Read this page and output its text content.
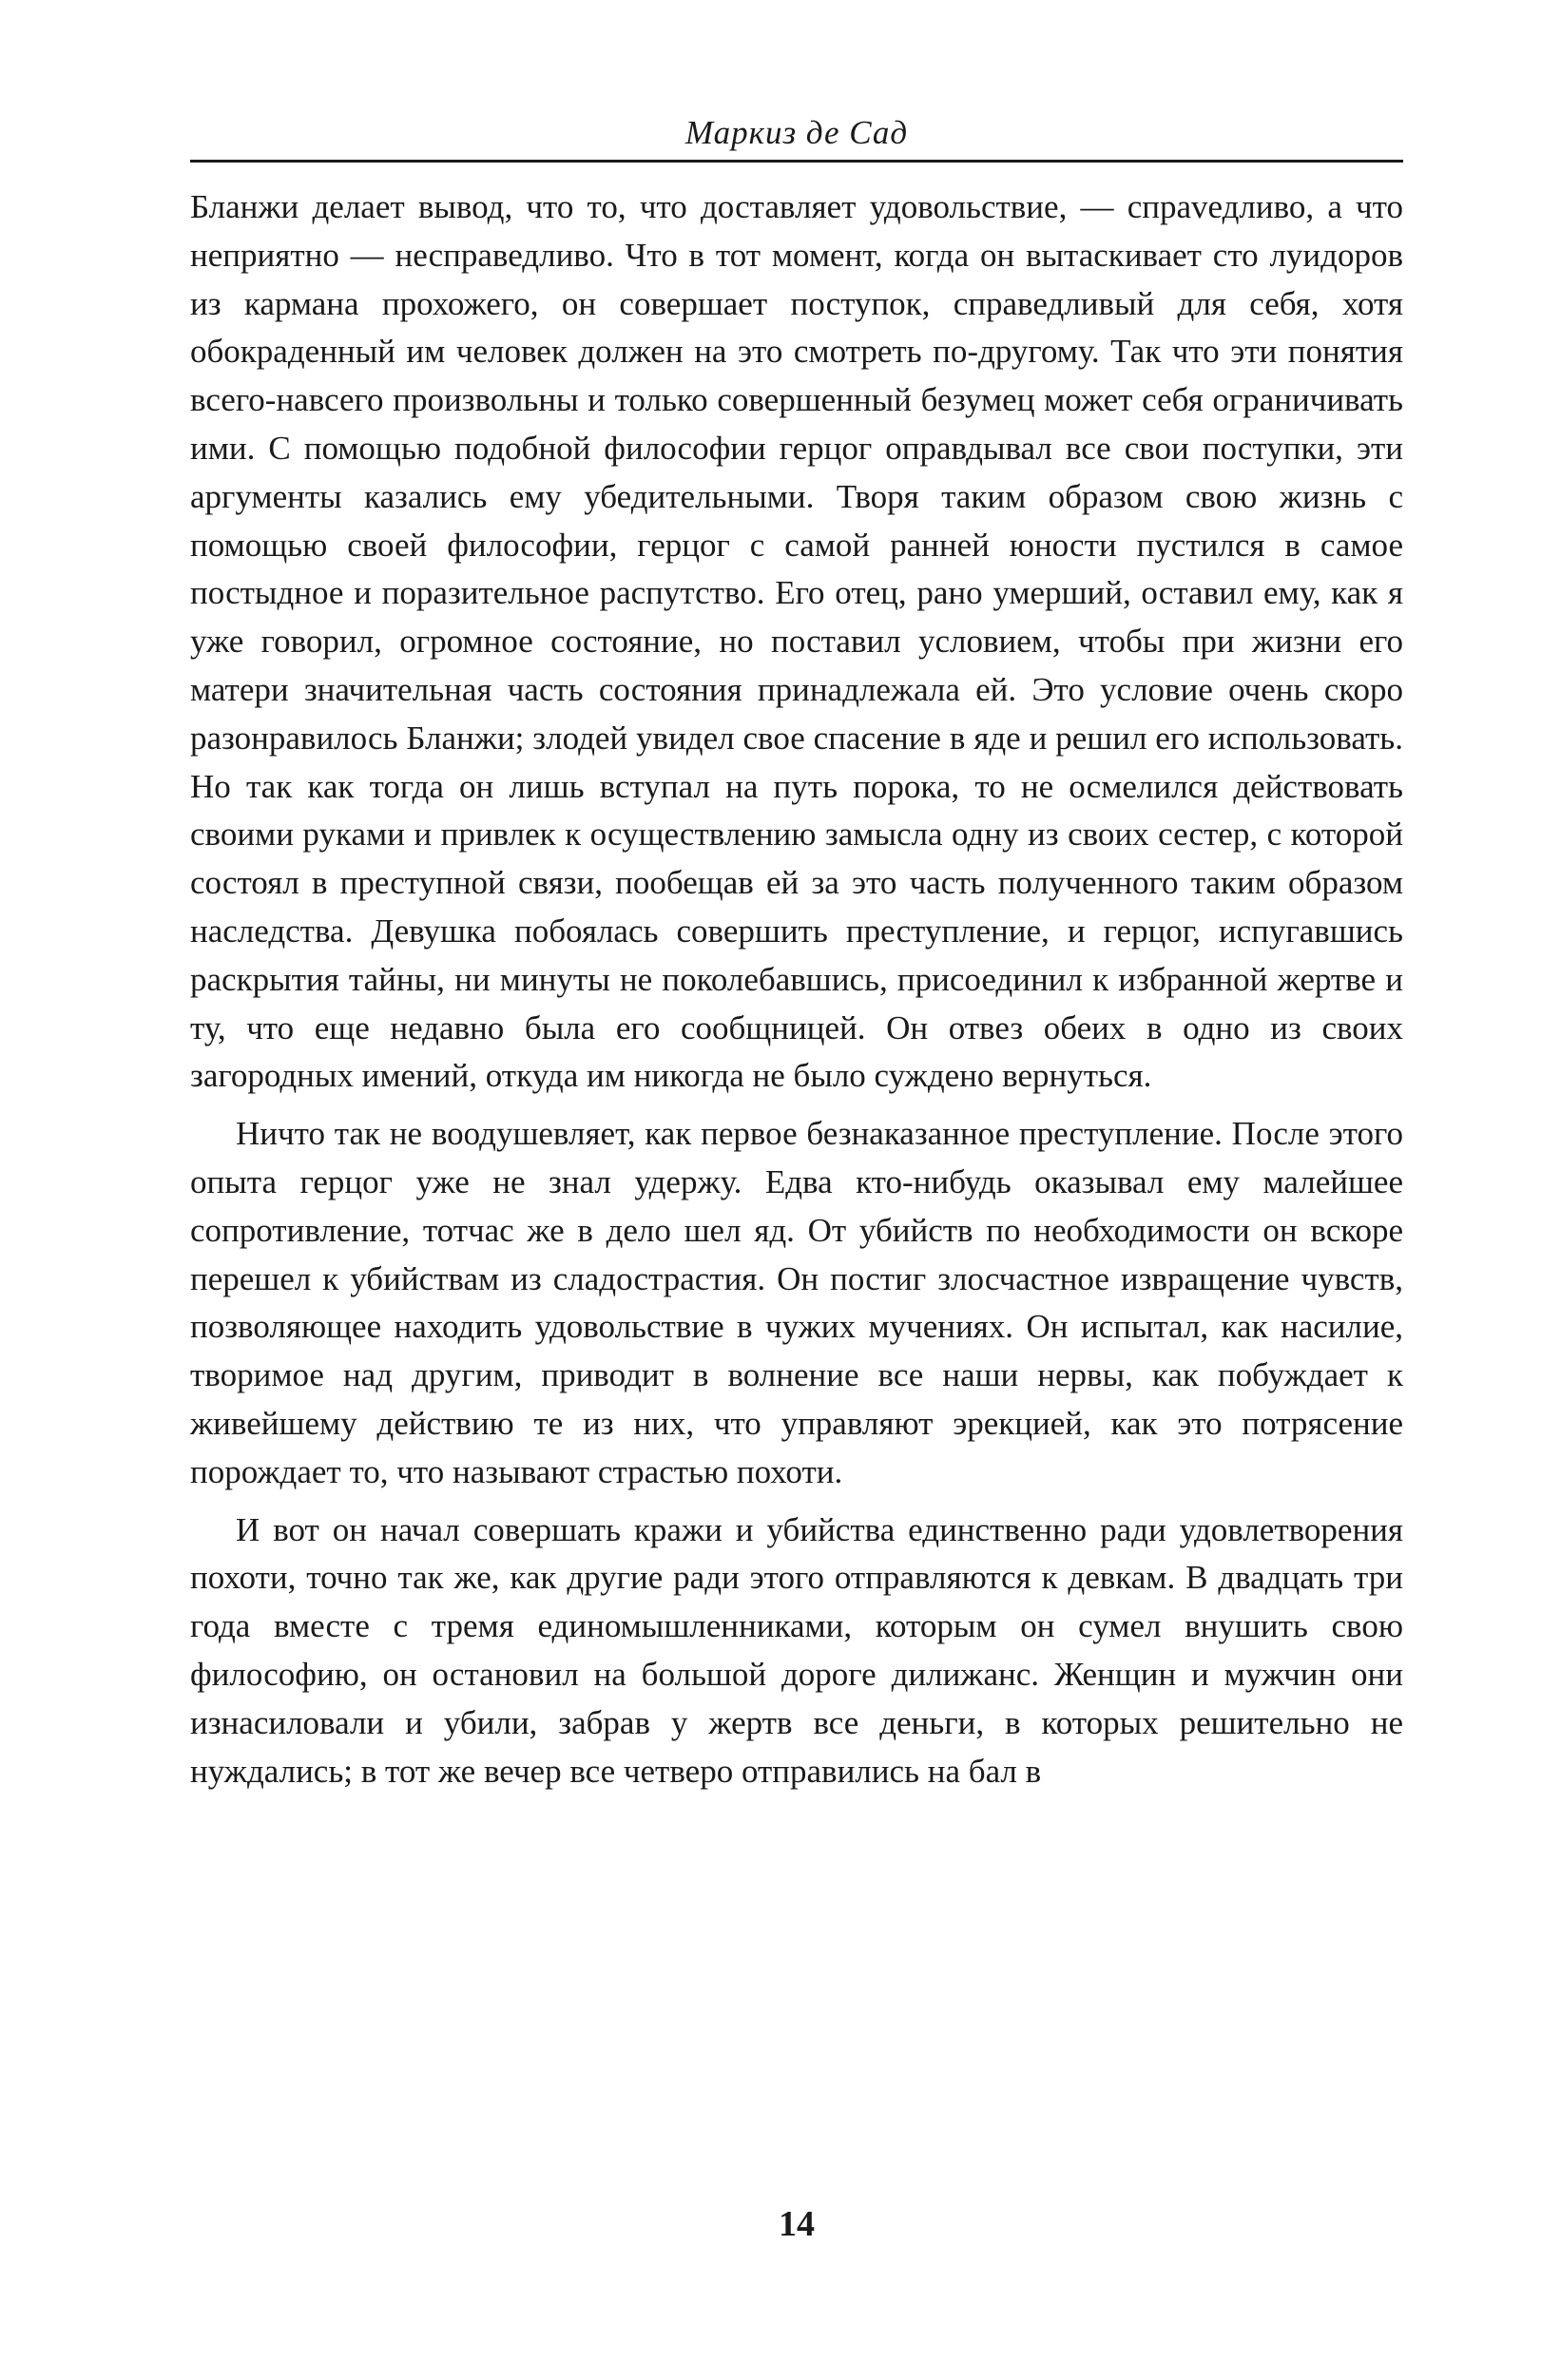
Маркиз де Сад

Бланжи делает вывод, что то, что доставляет удовольствие, — спраvедливо, а что неприятно — несправедливо. Что в тот момент, когда он вытаскивает сто луидоров из кармана прохожего, он совершает поступок, справедливый для себя, хотя обокраденный им человек должен на это смотреть по-другому. Так что эти понятия всего-навсего произвольны и только совершенный безумец может себя ограничивать ими. С помощью подобной философии герцог оправдывал все свои поступки, эти аргументы казались ему убедительными. Творя таким образом свою жизнь с помощью своей философии, герцог с самой ранней юности пустился в самое постыдное и поразительное распутство. Его отец, рано умерший, оставил ему, как я уже говорил, огромное состояние, но поставил условием, чтобы при жизни его матери значительная часть состояния принадлежала ей. Это условие очень скоро разонравилось Бланжи; злодей увидел свое спасение в яде и решил его использовать. Но так как тогда он лишь вступал на путь порока, то не осмелился действовать своими руками и привлек к осуществлению замысла одну из своих сестер, с которой состоял в преступной связи, пообещав ей за это часть полученного таким образом наследства. Девушка побоялась совершить преступление, и герцог, испугавшись раскрытия тайны, ни минуты не поколебавшись, присоединил к избранной жертве и ту, что еще недавно была его сообщницей. Он отвез обеих в одно из своих загородных имений, откуда им никогда не было суждено вернуться.

Ничто так не воодушевляет, как первое безнаказанное преступление. После этого опыта герцог уже не знал удержу. Едва кто-нибудь оказывал ему малейшее сопротивление, тотчас же в дело шел яд. От убийств по необходимости он вскоре перешел к убийствам из сладострастия. Он постиг злосчастное извращение чувств, позволяющее находить удовольствие в чужих мучениях. Он испытал, как насилие, творимое над другим, приводит в волнение все наши нервы, как побуждает к живейшему действию те из них, что управляют эрекцией, как это потрясение порождает то, что называют страстью похоти.

И вот он начал совершать кражи и убийства единственно ради удовлетворения похоти, точно так же, как другие ради этого отправляются к девкам. В двадцать три года вместе с тремя единомышленниками, которым он сумел внушить свою философию, он остановил на большой дороге дилижанс. Женщин и мужчин они изнасиловали и убили, забрав у жертв все деньги, в которых решительно не нуждались; в тот же вечер все четверо отправились на бал в

14
